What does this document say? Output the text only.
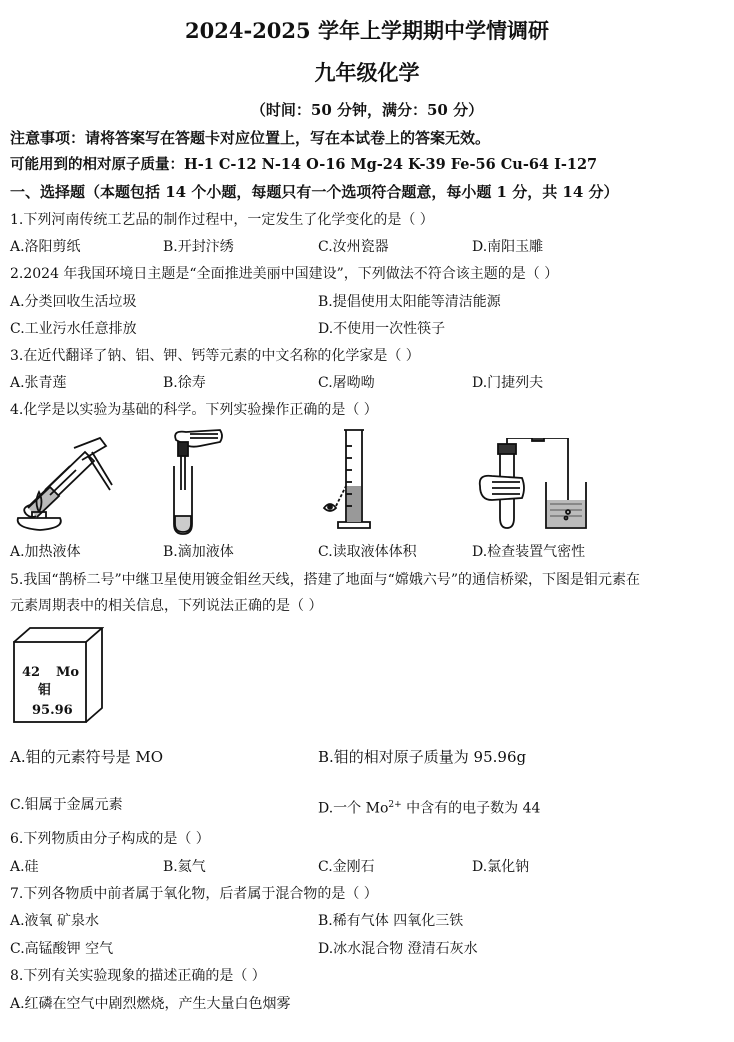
2024-2025 学年上学期期中学情调研
九年级化学
（时间：50 分钟，满分：50 分）
注意事项：请将答案写在答题卡对应位置上，写在本试卷上的答案无效。
可能用到的相对原子质量：H-1 C-12 N-14 O-16 Mg-24 K-39 Fe-56 Cu-64 I-127
一、选择题（本题包括 14 个小题，每题只有一个选项符合题意，每小题 1 分，共 14 分）
1.下列河南传统工艺品的制作过程中，一定发生了化学变化的是（ ）
A.洛阳剪纸	B.开封汴绣	C.汝州瓷器	D.南阳玉雕
2.2024 年我国环境日主题是“全面推进美丽中国建设”，下列做法不符合该主题的是（ ）
A.分类回收生活垃圾	B.提倡使用太阳能等清洁能源
C.工业污水任意排放	D.不使用一次性筷子
3.在近代翻译了钠、铝、钾、钙等元素的中文名称的化学家是（ ）
A.张青莲	B.徐寿	C.屠呦呦	D.门捷列夫
4.化学是以实验为基础的科学。下列实验操作正确的是（ ）
A.加热液体	B.滴加液体	C.读取液体体积	D.检查装置气密性
5.我国“鹊桥二号”中继卫星使用镀金钼丝天线，搭建了地面与“嫦娥六号”的通信桥梁，下图是钼元素在
元素周期表中的相关信息，下列说法正确的是（ ）
42 Mo
钼
95.96
A.钼的元素符号是 MO	B.钼的相对原子质量为 95.96g
C.钼属于金属元素	D.一个 $Mo^{2+}$ 中含有的电子数为 44
6.下列物质由分子构成的是（ ）
A.硅	B.氦气	C.金刚石	D.氯化钠
7.下列各物质中前者属于氧化物，后者属于混合物的是（ ）
A.液氧 矿泉水	B.稀有气体 四氧化三铁
C.高锰酸钾 空气	D.冰水混合物 澄清石灰水
8.下列有关实验现象的描述正确的是（ ）
A.红磷在空气中剧烈燃烧，产生大量白色烟雾
